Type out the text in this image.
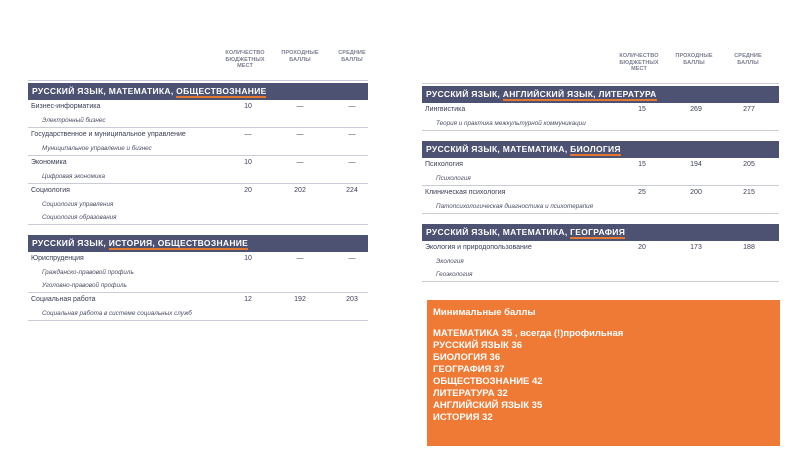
КОЛИЧЕСТВО БЮДЖЕТНЫХ МЕСТ
ПРОХОДНЫЕ БАЛЛЫ
СРЕДНИЕ БАЛЛЫ
РУССКИЙ ЯЗЫК, МАТЕМАТИКА, ОБЩЕСТВОЗНАНИЕ
Бизнес-информатика	10	—	—
Электронный бизнес
Государственное и муниципальное управление	—	—	—
Муниципальное управление и бизнес
Экономика	10	—	—
Цифровая экономика
Социология	20	202	224
Социология управления
Социология образования
РУССКИЙ ЯЗЫК, ИСТОРИЯ, ОБЩЕСТВОЗНАНИЕ
Юриспруденция	10	—	—
Гражданско-правовой профиль
Уголовно-правовой профиль
Социальная работа	12	192	203
Социальная работа в системе социальных служб
КОЛИЧЕСТВО БЮДЖЕТНЫХ МЕСТ
ПРОХОДНЫЕ БАЛЛЫ
СРЕДНИЕ БАЛЛЫ
РУССКИЙ ЯЗЫК, АНГЛИЙСКИЙ ЯЗЫК, ЛИТЕРАТУРА
Лингвистика	15	269	277
Теория и практика межкультурной коммуникации
РУССКИЙ ЯЗЫК, МАТЕМАТИКА, БИОЛОГИЯ
Психология	15	194	205
Психология
Клиническая психология	25	200	215
Патопсихологическая диагностика и психотерапия
РУССКИЙ ЯЗЫК, МАТЕМАТИКА, ГЕОГРАФИЯ
Экология и природопользование	20	173	188
Экология
Геоэкология
Минимальные баллы
МАТЕМАТИКА 35 , всегда (!)профильная
РУССКИЙ ЯЗЫК 36
БИОЛОГИЯ 36
ГЕОГРАФИЯ 37
ОБЩЕСТВОЗНАНИЕ 42
ЛИТЕРАТУРА 32
АНГЛИЙСКИЙ ЯЗЫК 35
ИСТОРИЯ 32
